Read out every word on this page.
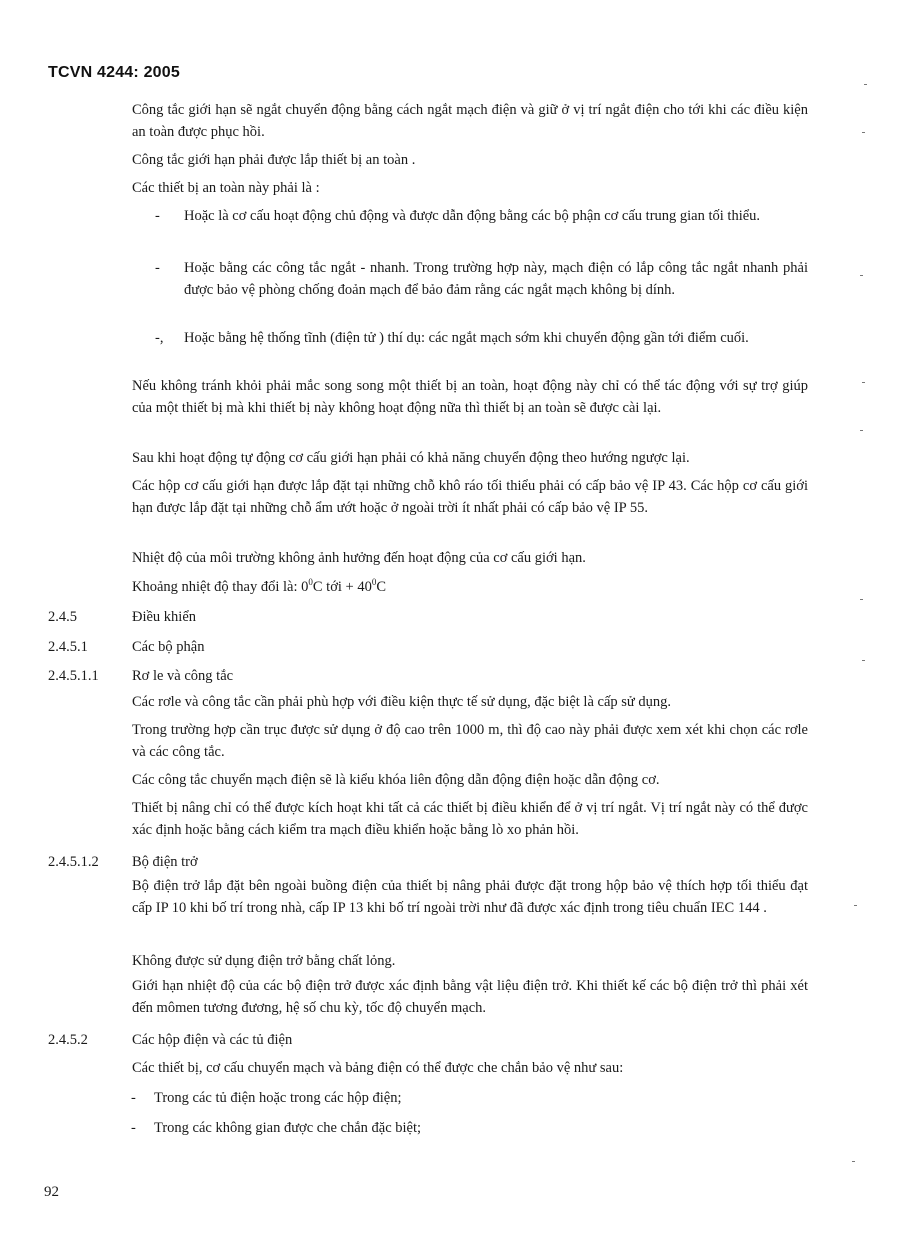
TCVN 4244: 2005

Công tắc giới hạn sẽ ngắt chuyển động bằng cách ngắt mạch điện và giữ ở vị trí ngắt điện cho tới khi các điều kiện an toàn được phục hồi.

Công tắc giới hạn phải được lắp thiết bị an toàn .

Các thiết bị an toàn này phải là :

-	Hoặc là cơ cấu hoạt động chủ động và được dẫn động bằng các bộ phận cơ cấu trung gian tối thiểu.

-	Hoặc bằng các công tắc ngắt - nhanh. Trong trường hợp này, mạch điện có lắp công tắc ngắt nhanh phải được bảo vệ phòng chống đoản mạch để bảo đảm rằng các ngắt mạch không bị dính.

-,	Hoặc bằng hệ thống tĩnh (điện tử ) thí dụ: các ngắt mạch sớm khi chuyển động gần tới điểm cuối.

Nếu không tránh khỏi phải mắc song song một thiết bị an toàn, hoạt động này chỉ có thể tác động với sự trợ giúp của một thiết bị mà khi thiết bị này không hoạt động nữa thì thiết bị an toàn sẽ được cài lại.

Sau khi hoạt động tự động cơ cấu giới hạn phải có khả năng chuyển động theo hướng ngược lại.

Các hộp cơ cấu giới hạn được lắp đặt tại những chỗ khô ráo tối thiểu phải có cấp bảo vệ IP 43. Các hộp cơ cấu giới hạn được lắp đặt tại những chỗ ẩm ướt hoặc ở ngoài trời ít nhất phải có cấp bảo vệ IP 55.

Nhiệt độ của môi trường không ảnh hưởng đến hoạt động của cơ cấu giới hạn.

Khoảng nhiệt độ thay đổi là: $0^0C$ tới + $40^0C$

2.4.5	Điều khiển
2.4.5.1	Các bộ phận
2.4.5.1.1	Rơ le và công tắc

Các rơle và công tắc cần phải phù hợp với điều kiện thực tế sử dụng, đặc biệt là cấp sử dụng.

Trong trường hợp cần trục được sử dụng ở độ cao trên 1000 m, thì độ cao này phải được xem xét khi chọn các rơle và các công tắc.

Các công tắc chuyển mạch điện sẽ là kiểu khóa liên động dẫn động điện hoặc dẫn động cơ.

Thiết bị nâng chỉ có thể được kích hoạt khi tất cả các thiết bị điều khiển để ở vị trí ngắt. Vị trí ngắt này có thể được xác định hoặc bằng cách kiểm tra mạch điều khiển hoặc bằng lò xo phản hồi.

2.4.5.1.2	Bộ điện trở

Bộ điện trở lắp đặt bên ngoài buồng điện của thiết bị nâng phải được đặt trong hộp bảo vệ thích hợp tối thiểu đạt cấp IP 10 khi bố trí trong nhà, cấp IP 13 khi bố trí ngoài trời như đã được xác định trong tiêu chuẩn IEC 144 .

Không được sử dụng điện trở bằng chất lỏng.

Giới hạn nhiệt độ của các bộ điện trở được xác định bằng vật liệu điện trở. Khi thiết kế các bộ điện trở thì phải xét đến mômen tương đương, hệ số chu kỳ, tốc độ chuyển mạch.

2.4.5.2	Các hộp điện và các tủ điện

Các thiết bị, cơ cấu chuyển mạch và bảng điện có thể được che chắn bảo vệ như sau:

-	Trong các tủ điện hoặc trong các hộp điện;

-	Trong các không gian được che chắn đặc biệt;

92
